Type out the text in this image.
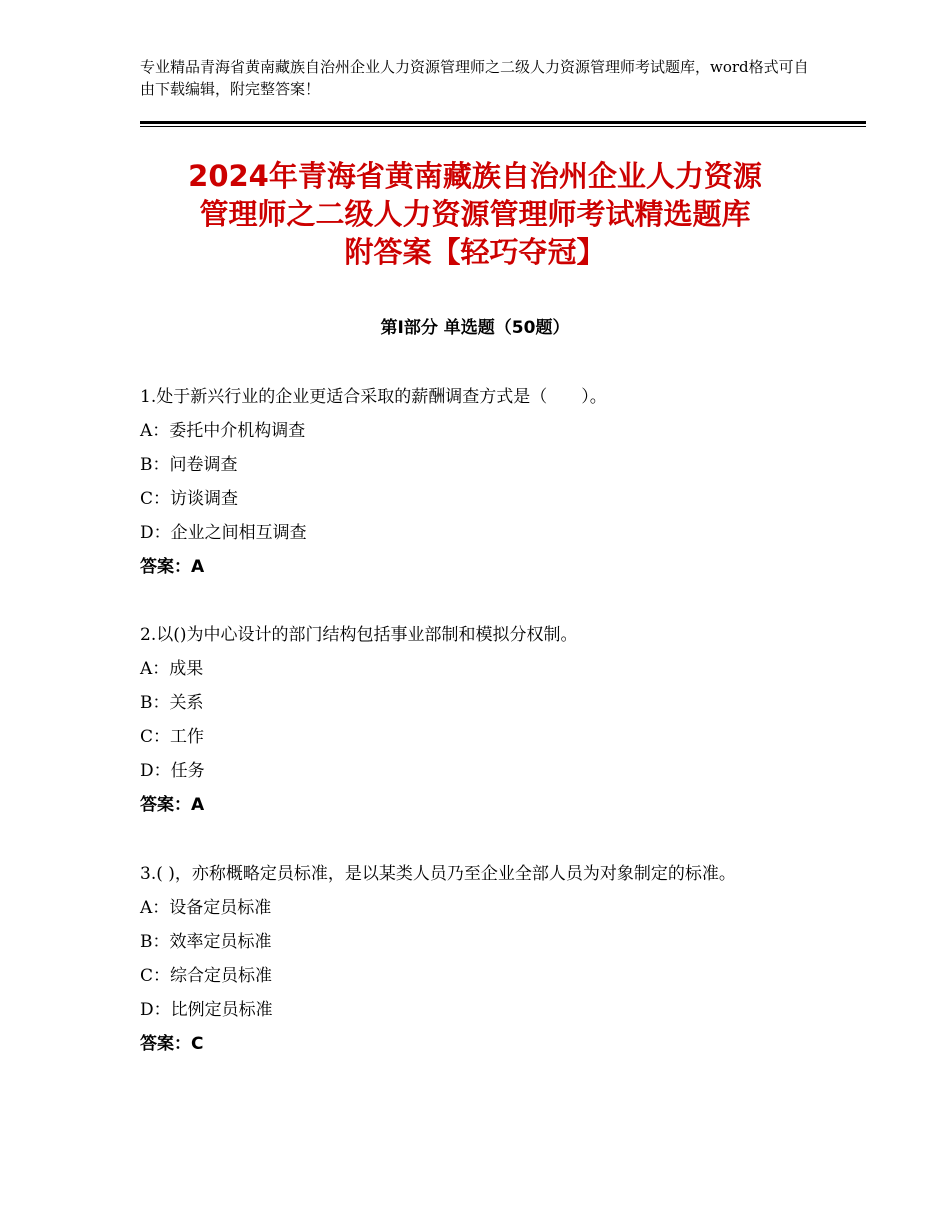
专业精品青海省黄南藏族自治州企业人力资源管理师之二级人力资源管理师考试题库，word格式可自由下载编辑，附完整答案！
2024年青海省黄南藏族自治州企业人力资源
管理师之二级人力资源管理师考试精选题库
附答案【轻巧夺冠】
第Ⅰ部分 单选题（50题）

1.处于新兴行业的企业更适合采取的薪酬调查方式是（　　）。

A：委托中介机构调查

B：问卷调查

C：访谈调查

D：企业之间相互调查

答案：A

2.以()为中心设计的部门结构包括事业部制和模拟分权制。

A：成果

B：关系

C：工作

D：任务

答案：A

3.( )，亦称概略定员标准，是以某类人员乃至企业全部人员为对象制定的标准。

A：设备定员标准

B：效率定员标准

C：综合定员标准

D：比例定员标准

答案：C
